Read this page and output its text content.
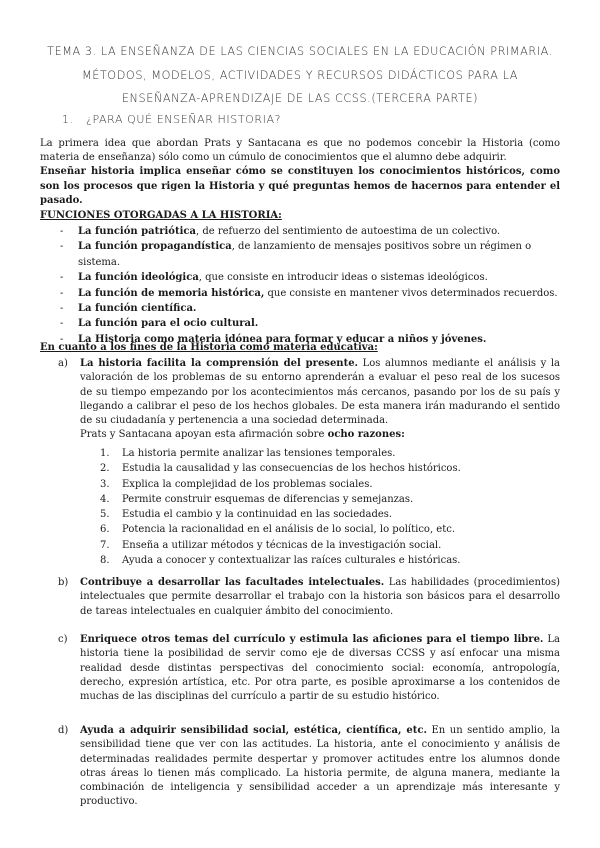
TEMA 3. LA ENSEÑANZA DE LAS CIENCIAS SOCIALES EN LA EDUCACIÓN PRIMARIA.
MÉTODOS, MODELOS, ACTIVIDADES Y RECURSOS DIDÁCTICOS PARA LA
ENSEÑANZA-APRENDIZAJE DE LAS CCSS.(TERCERA PARTE)
1. ¿PARA QUÉ ENSEÑAR HISTORIA?
La primera idea que abordan Prats y Santacana es que no podemos concebir la Historia (como materia de enseñanza) sólo como un cúmulo de conocimientos que el alumno debe adquirir.
Enseñar historia implica enseñar cómo se constituyen los conocimientos históricos, como son los procesos que rigen la Historia y qué preguntas hemos de hacernos para entender el pasado.
FUNCIONES OTORGADAS A LA HISTORIA:
- La función patriótica, de refuerzo del sentimiento de autoestima de un colectivo.
- La función propagandística, de lanzamiento de mensajes positivos sobre un régimen o sistema.
- La función ideológica, que consiste en introducir ideas o sistemas ideológicos.
- La función de memoria histórica, que consiste en mantener vivos determinados recuerdos.
- La función científica.
- La función para el ocio cultural.
- La Historia como materia idónea para formar y educar a niños y jóvenes.
En cuanto a los fines de la Historia como materia educativa:
a) La historia facilita la comprensión del presente. Los alumnos mediante el análisis y la valoración de los problemas de su entorno aprenderán a evaluar el peso real de los sucesos de su tiempo empezando por los acontecimientos más cercanos, pasando por los de su país y llegando a calibrar el peso de los hechos globales. De esta manera irán madurando el sentido de su ciudadanía y pertenencia a una sociedad determinada.
Prats y Santacana apoyan esta afirmación sobre ocho razones:
1. La historia permite analizar las tensiones temporales.
2. Estudia la causalidad y las consecuencias de los hechos históricos.
3. Explica la complejidad de los problemas sociales.
4. Permite construir esquemas de diferencias y semejanzas.
5. Estudia el cambio y la continuidad en las sociedades.
6. Potencia la racionalidad en el análisis de lo social, lo político, etc.
7. Enseña a utilizar métodos y técnicas de la investigación social.
8. Ayuda a conocer y contextualizar las raíces culturales e históricas.
b) Contribuye a desarrollar las facultades intelectuales. Las habilidades (procedimientos) intelectuales que permite desarrollar el trabajo con la historia son básicos para el desarrollo de tareas intelectuales en cualquier ámbito del conocimiento.
c) Enriquece otros temas del currículo y estimula las aficiones para el tiempo libre. La historia tiene la posibilidad de servir como eje de diversas CCSS y así enfocar una misma realidad desde distintas perspectivas del conocimiento social: economía, antropología, derecho, expresión artística, etc. Por otra parte, es posible aproximarse a los contenidos de muchas de las disciplinas del currículo a partir de su estudio histórico.
d) Ayuda a adquirir sensibilidad social, estética, científica, etc. En un sentido amplio, la sensibilidad tiene que ver con las actitudes. La historia, ante el conocimiento y análisis de determinadas realidades permite despertar y promover actitudes entre los alumnos donde otras áreas lo tienen más complicado. La historia permite, de alguna manera, mediante la combinación de inteligencia y sensibilidad acceder a un aprendizaje más interesante y productivo.
